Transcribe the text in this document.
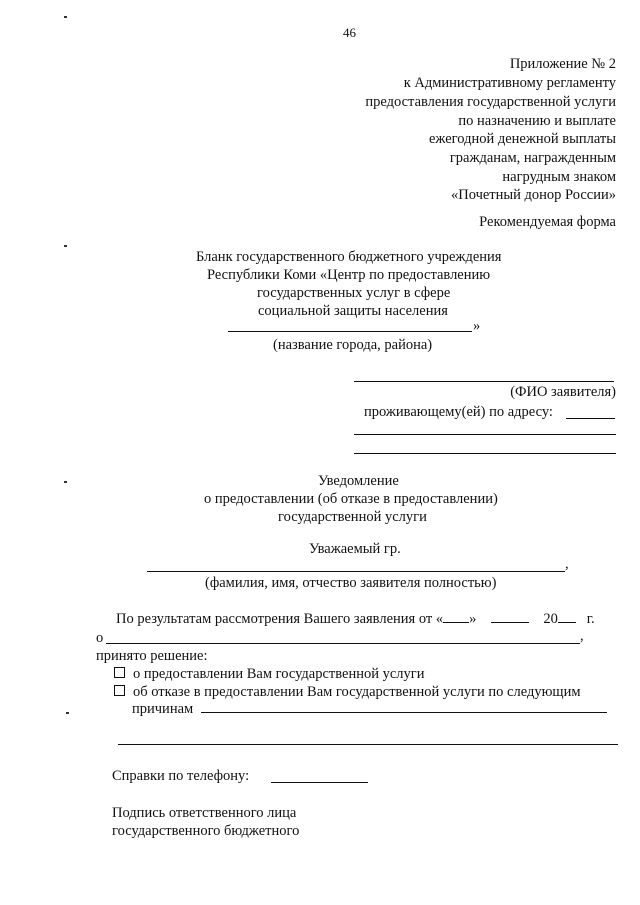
46
Приложение № 2
к Административному регламенту
предоставления государственной услуги
по назначению и выплате
ежегодной денежной выплаты
гражданам, награжденным
нагрудным знаком
«Почетный донор России»
Рекомендуемая форма
Бланк государственного бюджетного учреждения
Республики Коми «Центр по предоставлению
государственных услуг в сфере
социальной защиты населения
»
(название города, района)
(ФИО заявителя)
проживающему(ей) по адресу:
Уведомление
о предоставлении (об отказе в предоставлении)
государственной услуги
Уважаемый гр.
,
(фамилия, имя, отчество заявителя полностью)
По результатам рассмотрения Вашего заявления от « »	20 г.
о	,
принято решение:
о предоставлении Вам государственной услуги
об отказе в предоставлении Вам государственной услуги по следующим
причинам
Справки по телефону:
Подпись ответственного лица
государственного бюджетного
